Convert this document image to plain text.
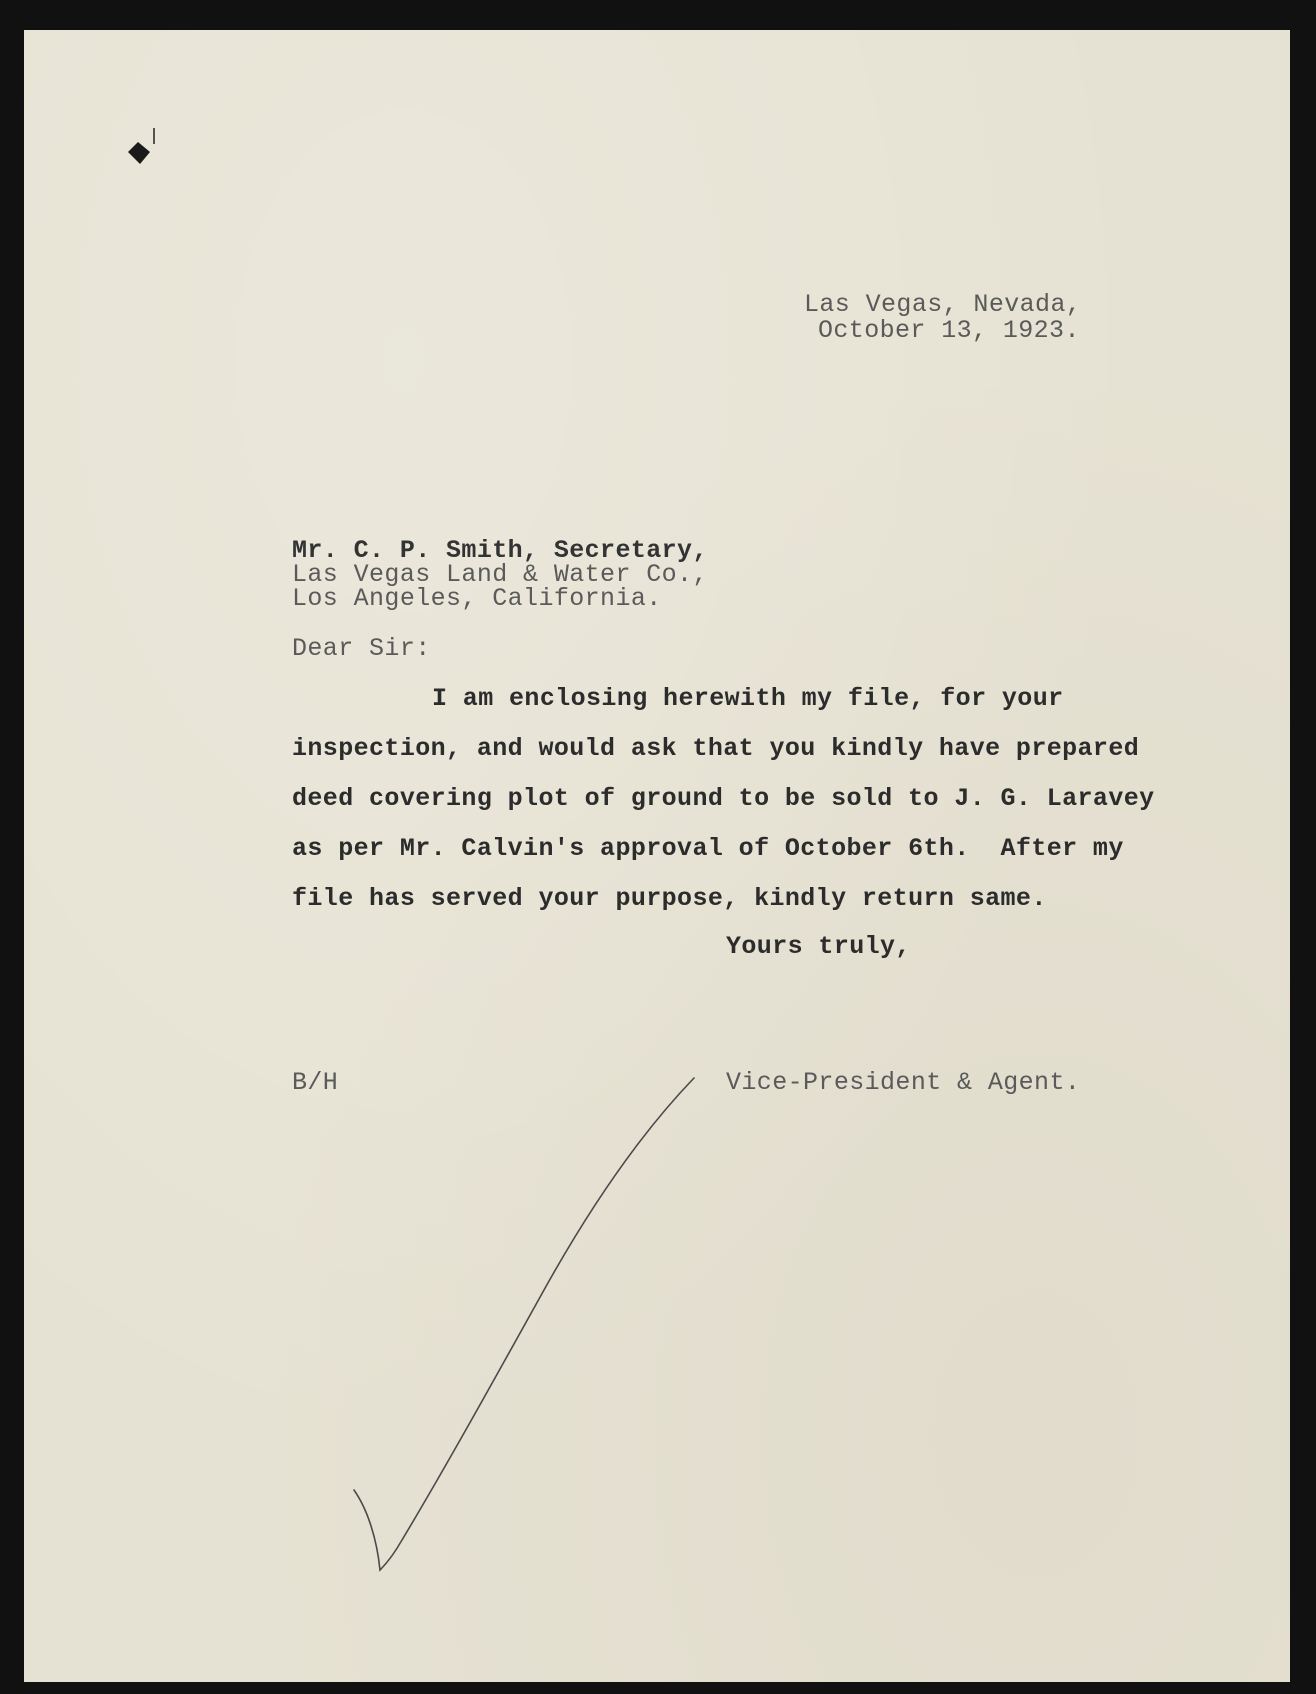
Las Vegas, Nevada,

October 13, 1923.

Mr. C. P. Smith, Secretary,

Las Vegas Land & Water Co.,

Los Angeles, California.

Dear Sir:

I am enclosing herewith my file, for your

inspection, and would ask that you kindly have prepared

deed covering plot of ground to be sold to J. G. Laravey

as per Mr. Calvin's approval of October 6th.  After my

file has served your purpose, kindly return same.

Yours truly,

B/H	Vice-President & Agent.
